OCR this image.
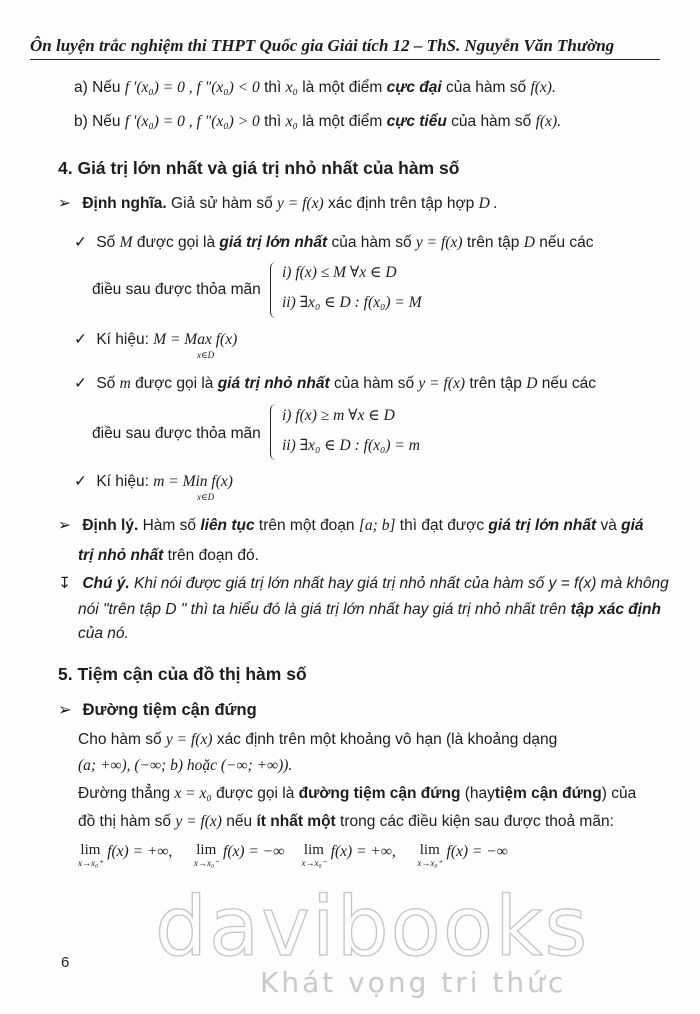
Ôn luyện trắc nghiệm thi THPT Quốc gia Giải tích 12 – ThS. Nguyễn Văn Thường
a) Nếu f '(x₀) = 0 , f "(x₀) < 0 thì x₀ là một điểm cực đại của hàm số f(x).
b) Nếu f '(x₀) = 0 , f "(x₀) > 0 thì x₀ là một điểm cực tiểu của hàm số f(x).
4. Giá trị lớn nhất và giá trị nhỏ nhất của hàm số
➢ Định nghĩa. Giả sử hàm số y = f(x) xác định trên tập hợp D .
✓ Số M được gọi là giá trị lớn nhất của hàm số y = f(x) trên tập D nếu các
điều sau được thỏa mãn
i) f(x) ≤ M ∀x ∈ D
ii) ∃x₀ ∈ D : f(x₀) = M
✓ Kí hiệu: M = Max f(x)
x∈D
✓ Số m được gọi là giá trị nhỏ nhất của hàm số y = f(x) trên tập D nếu các
điều sau được thỏa mãn
i) f(x) ≥ m ∀x ∈ D
ii) ∃x₀ ∈ D : f(x₀) = m
✓ Kí hiệu: m = Min f(x)
x∈D
➢ Định lý. Hàm số liên tục trên một đoạn [a; b] thì đạt được giá trị lớn nhất và giá
trị nhỏ nhất trên đoạn đó.
↧ Chú ý. Khi nói được giá trị lớn nhất hay giá trị nhỏ nhất của hàm số y = f(x) mà không
nói "trên tập D " thì ta hiểu đó là giá trị lớn nhất hay giá trị nhỏ nhất trên tập xác định
của nó.
5. Tiệm cận của đồ thị hàm số
➢ Đường tiệm cận đứng
Cho hàm số y = f(x) xác định trên một khoảng vô hạn (là khoảng dạng
(a; +∞), (−∞; b) hoặc (−∞; +∞)).
Đường thẳng x = x₀ được gọi là đường tiệm cận đứng (haytiệm cận đứng) của
đồ thị hàm số y = f(x) nếu ít nhất một trong các điều kiện sau được thoả mãn:
lim
x→x₀⁺
f(x) = +∞, lim
x→x₀⁻
f(x) = −∞ lim
x→x₀⁻
f(x) = +∞, lim
x→x₀⁺
f(x) = −∞
davibooks
Khát vọng tri thức
6
